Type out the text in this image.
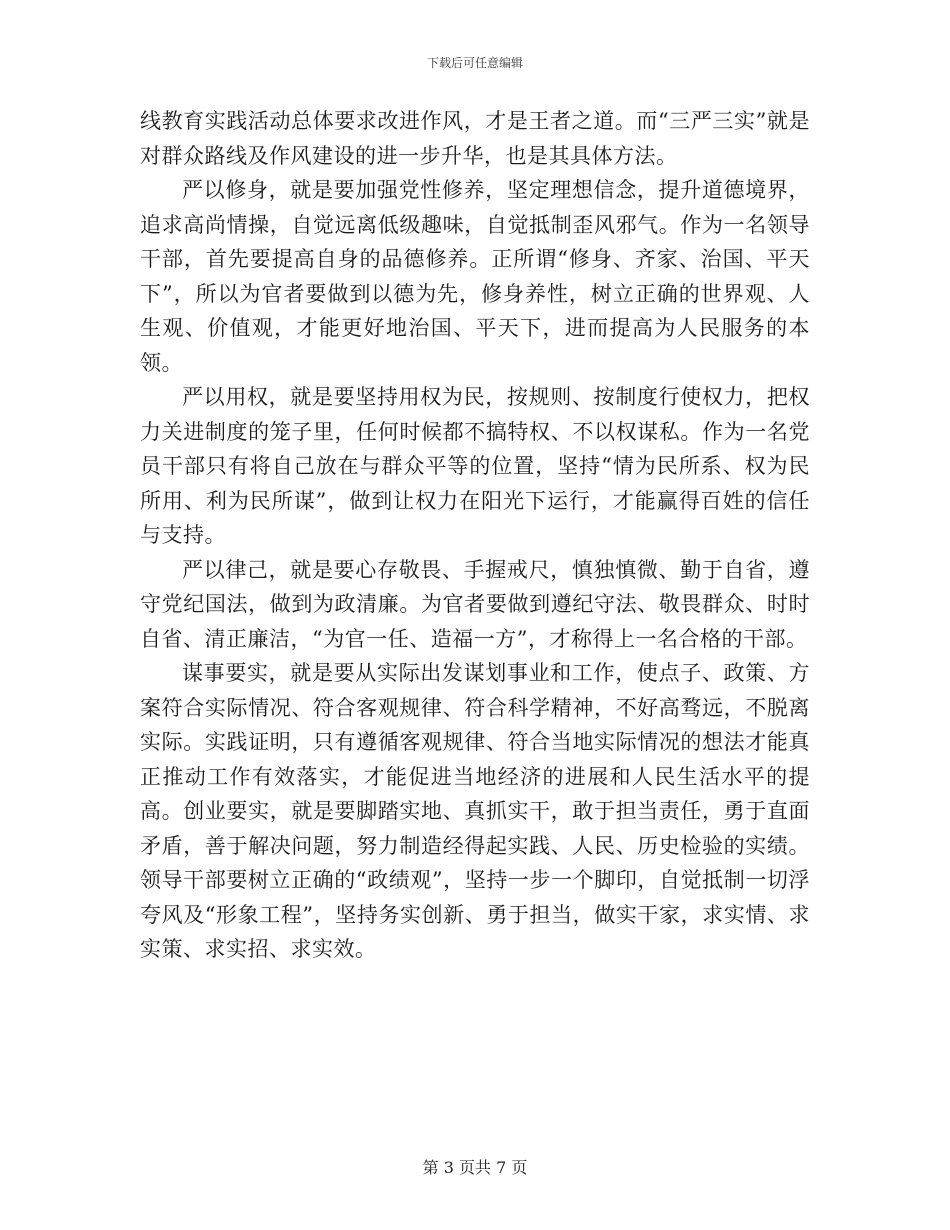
下载后可任意编辑

线教育实践活动总体要求改进作风，才是王者之道。而“三严三实”就是对群众路线及作风建设的进一步升华，也是其具体方法。

严以修身，就是要加强党性修养，坚定理想信念，提升道德境界，追求高尚情操，自觉远离低级趣味，自觉抵制歪风邪气。作为一名领导干部，首先要提高自身的品德修养。正所谓“修身、齐家、治国、平天下”，所以为官者要做到以德为先，修身养性，树立正确的世界观、人生观、价值观，才能更好地治国、平天下，进而提高为人民服务的本领。

严以用权，就是要坚持用权为民，按规则、按制度行使权力，把权力关进制度的笼子里，任何时候都不搞特权、不以权谋私。作为一名党员干部只有将自己放在与群众平等的位置，坚持“情为民所系、权为民所用、利为民所谋”，做到让权力在阳光下运行，才能赢得百姓的信任与支持。

严以律己，就是要心存敬畏、手握戒尺，慎独慎微、勤于自省，遵守党纪国法，做到为政清廉。为官者要做到遵纪守法、敬畏群众、时时自省、清正廉洁，“为官一任、造福一方”，才称得上一名合格的干部。

谋事要实，就是要从实际出发谋划事业和工作，使点子、政策、方案符合实际情况、符合客观规律、符合科学精神，不好高骛远，不脱离实际。实践证明，只有遵循客观规律、符合当地实际情况的想法才能真正推动工作有效落实，才能促进当地经济的进展和人民生活水平的提高。创业要实，就是要脚踏实地、真抓实干，敢于担当责任，勇于直面矛盾，善于解决问题，努力制造经得起实践、人民、历史检验的实绩。领导干部要树立正确的“政绩观”，坚持一步一个脚印，自觉抵制一切浮夸风及“形象工程”，坚持务实创新、勇于担当，做实干家，求实情、求实策、求实招、求实效。

第 3 页共 7 页
